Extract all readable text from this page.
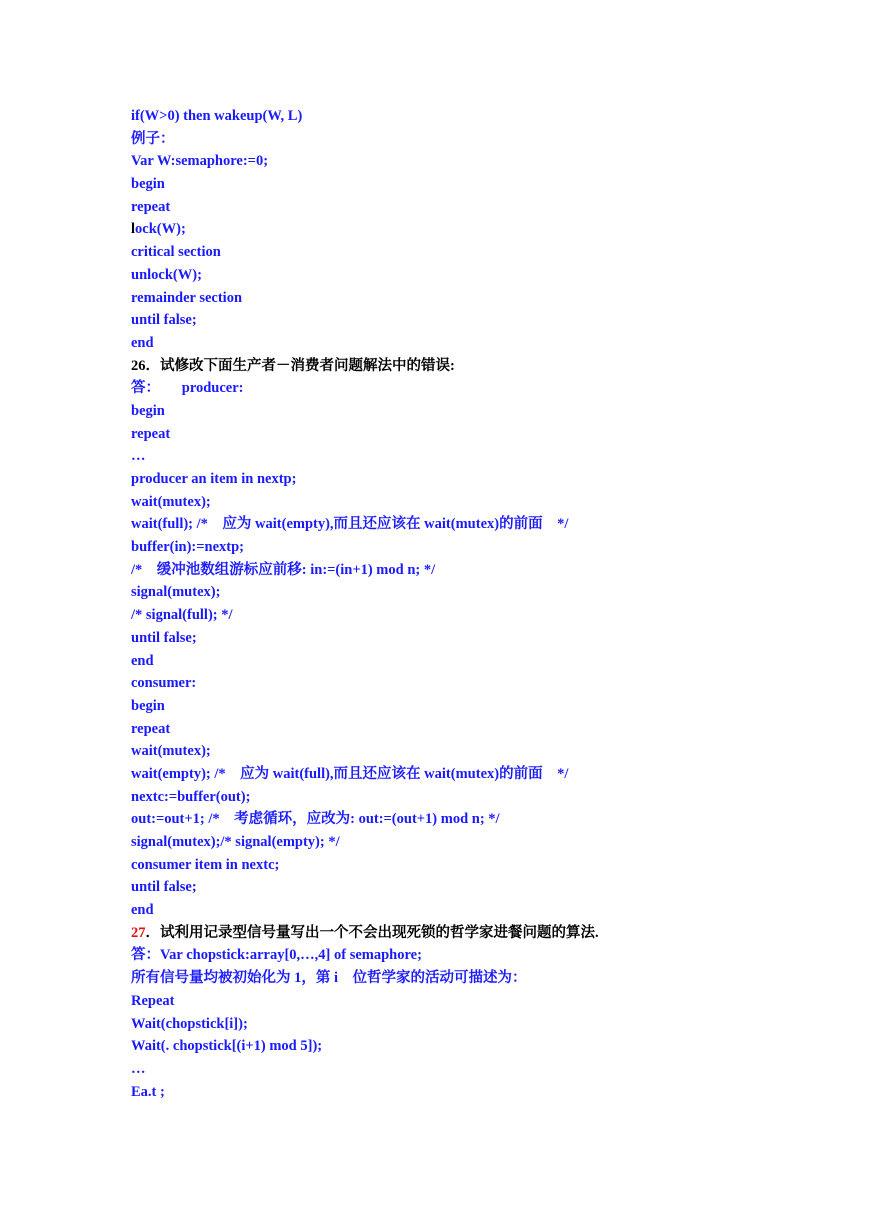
if(W>0) then wakeup(W, L)
例子：
Var W:semaphore:=0;
begin
repeat
lock(W);
critical section
unlock(W);
remainder section
until false;
end
26．试修改下面生产者－消费者问题解法中的错误:
答：      producer:
begin
repeat
…
producer an item in nextp;
wait(mutex);
wait(full); /*    应为 wait(empty),而且还应该在 wait(mutex)的前面    */
buffer(in):=nextp;
/*    缓冲池数组游标应前移: in:=(in+1) mod n; */
signal(mutex);
/* signal(full); */
until false;
end
consumer:
begin
repeat
wait(mutex);
wait(empty); /*    应为 wait(full),而且还应该在 wait(mutex)的前面    */
nextc:=buffer(out);
out:=out+1; /*    考虑循环，应改为: out:=(out+1) mod n; */
signal(mutex);/* signal(empty); */
consumer item in nextc;
until false;
end
27．试利用记录型信号量写出一个不会出现死锁的哲学家进餐问题的算法.
答：Var chopstick:array[0,…,4] of semaphore;
所有信号量均被初始化为 1，第 i    位哲学家的活动可描述为：
Repeat
Wait(chopstick[i]);
Wait(. chopstick[(i+1) mod 5]);
…
Ea.t ;
